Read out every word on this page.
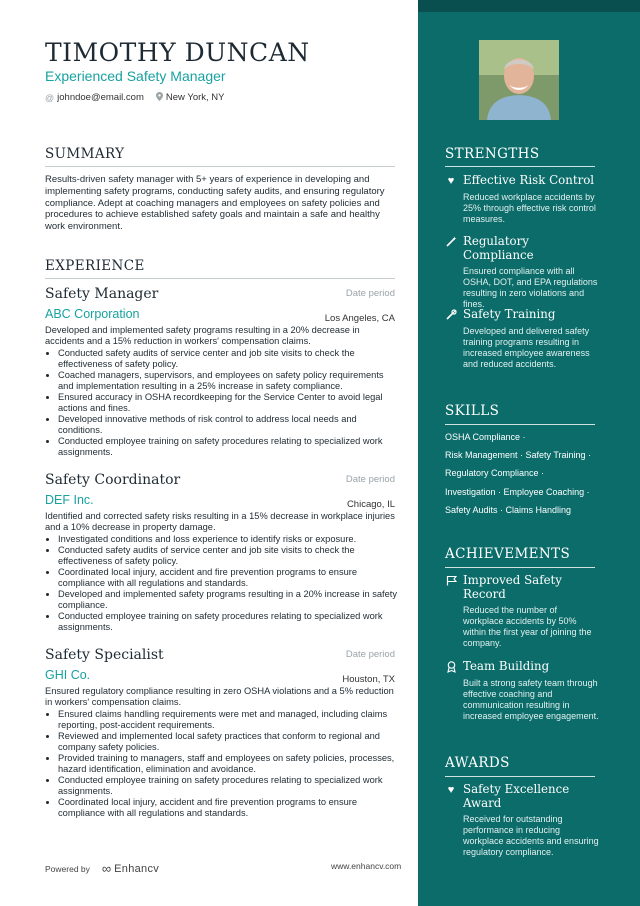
TIMOTHY DUNCAN
Experienced Safety Manager
@ johndoe@email.com New York, NY
SUMMARY
Results-driven safety manager with 5+ years of experience in developing and implementing safety programs, conducting safety audits, and ensuring regulatory compliance. Adept at coaching managers and employees on safety policies and procedures to achieve established safety goals and maintain a safe and healthy work environment.
EXPERIENCE
Safety Manager	Date period
ABC Corporation	Los Angeles, CA
Developed and implemented safety programs resulting in a 20% decrease in accidents and a 15% reduction in workers' compensation claims.
• Conducted safety audits of service center and job site visits to check the effectiveness of safety policy.
• Coached managers, supervisors, and employees on safety policy requirements and implementation resulting in a 25% increase in safety compliance.
• Ensured accuracy in OSHA recordkeeping for the Service Center to avoid legal actions and fines.
• Developed innovative methods of risk control to address local needs and conditions.
• Conducted employee training on safety procedures relating to specialized work assignments.
Safety Coordinator	Date period
DEF Inc.	Chicago, IL
Identified and corrected safety risks resulting in a 15% decrease in workplace injuries and a 10% decrease in property damage.
• Investigated conditions and loss experience to identify risks or exposure.
• Conducted safety audits of service center and job site visits to check the effectiveness of safety policy.
• Coordinated local injury, accident and fire prevention programs to ensure compliance with all regulations and standards.
• Developed and implemented safety programs resulting in a 20% increase in safety compliance.
• Conducted employee training on safety procedures relating to specialized work assignments.
Safety Specialist	Date period
GHI Co.	Houston, TX
Ensured regulatory compliance resulting in zero OSHA violations and a 5% reduction in workers' compensation claims.
• Ensured claims handling requirements were met and managed, including claims reporting, post-accident requirements.
• Reviewed and implemented local safety practices that conform to regional and company safety policies.
• Provided training to managers, staff and employees on safety policies, processes, hazard identification, elimination and avoidance.
• Conducted employee training on safety procedures relating to specialized work assignments.
• Coordinated local injury, accident and fire prevention programs to ensure compliance with all regulations and standards.
Powered by ∞ Enhancv	www.enhancv.com
STRENGTHS
♥ Effective Risk Control
Reduced workplace accidents by 25% through effective risk control measures.
Regulatory Compliance
Ensured compliance with all OSHA, DOT, and EPA regulations resulting in zero violations and fines.
Safety Training
Developed and delivered safety training programs resulting in increased employee awareness and reduced accidents.
SKILLS
OSHA Compliance ·
Risk Management · Safety Training ·
Regulatory Compliance ·
Investigation · Employee Coaching ·
Safety Audits · Claims Handling
ACHIEVEMENTS
Improved Safety Record
Reduced the number of workplace accidents by 50% within the first year of joining the company.
Team Building
Built a strong safety team through effective coaching and communication resulting in increased employee engagement.
AWARDS
♥ Safety Excellence Award
Received for outstanding performance in reducing workplace accidents and ensuring regulatory compliance.
